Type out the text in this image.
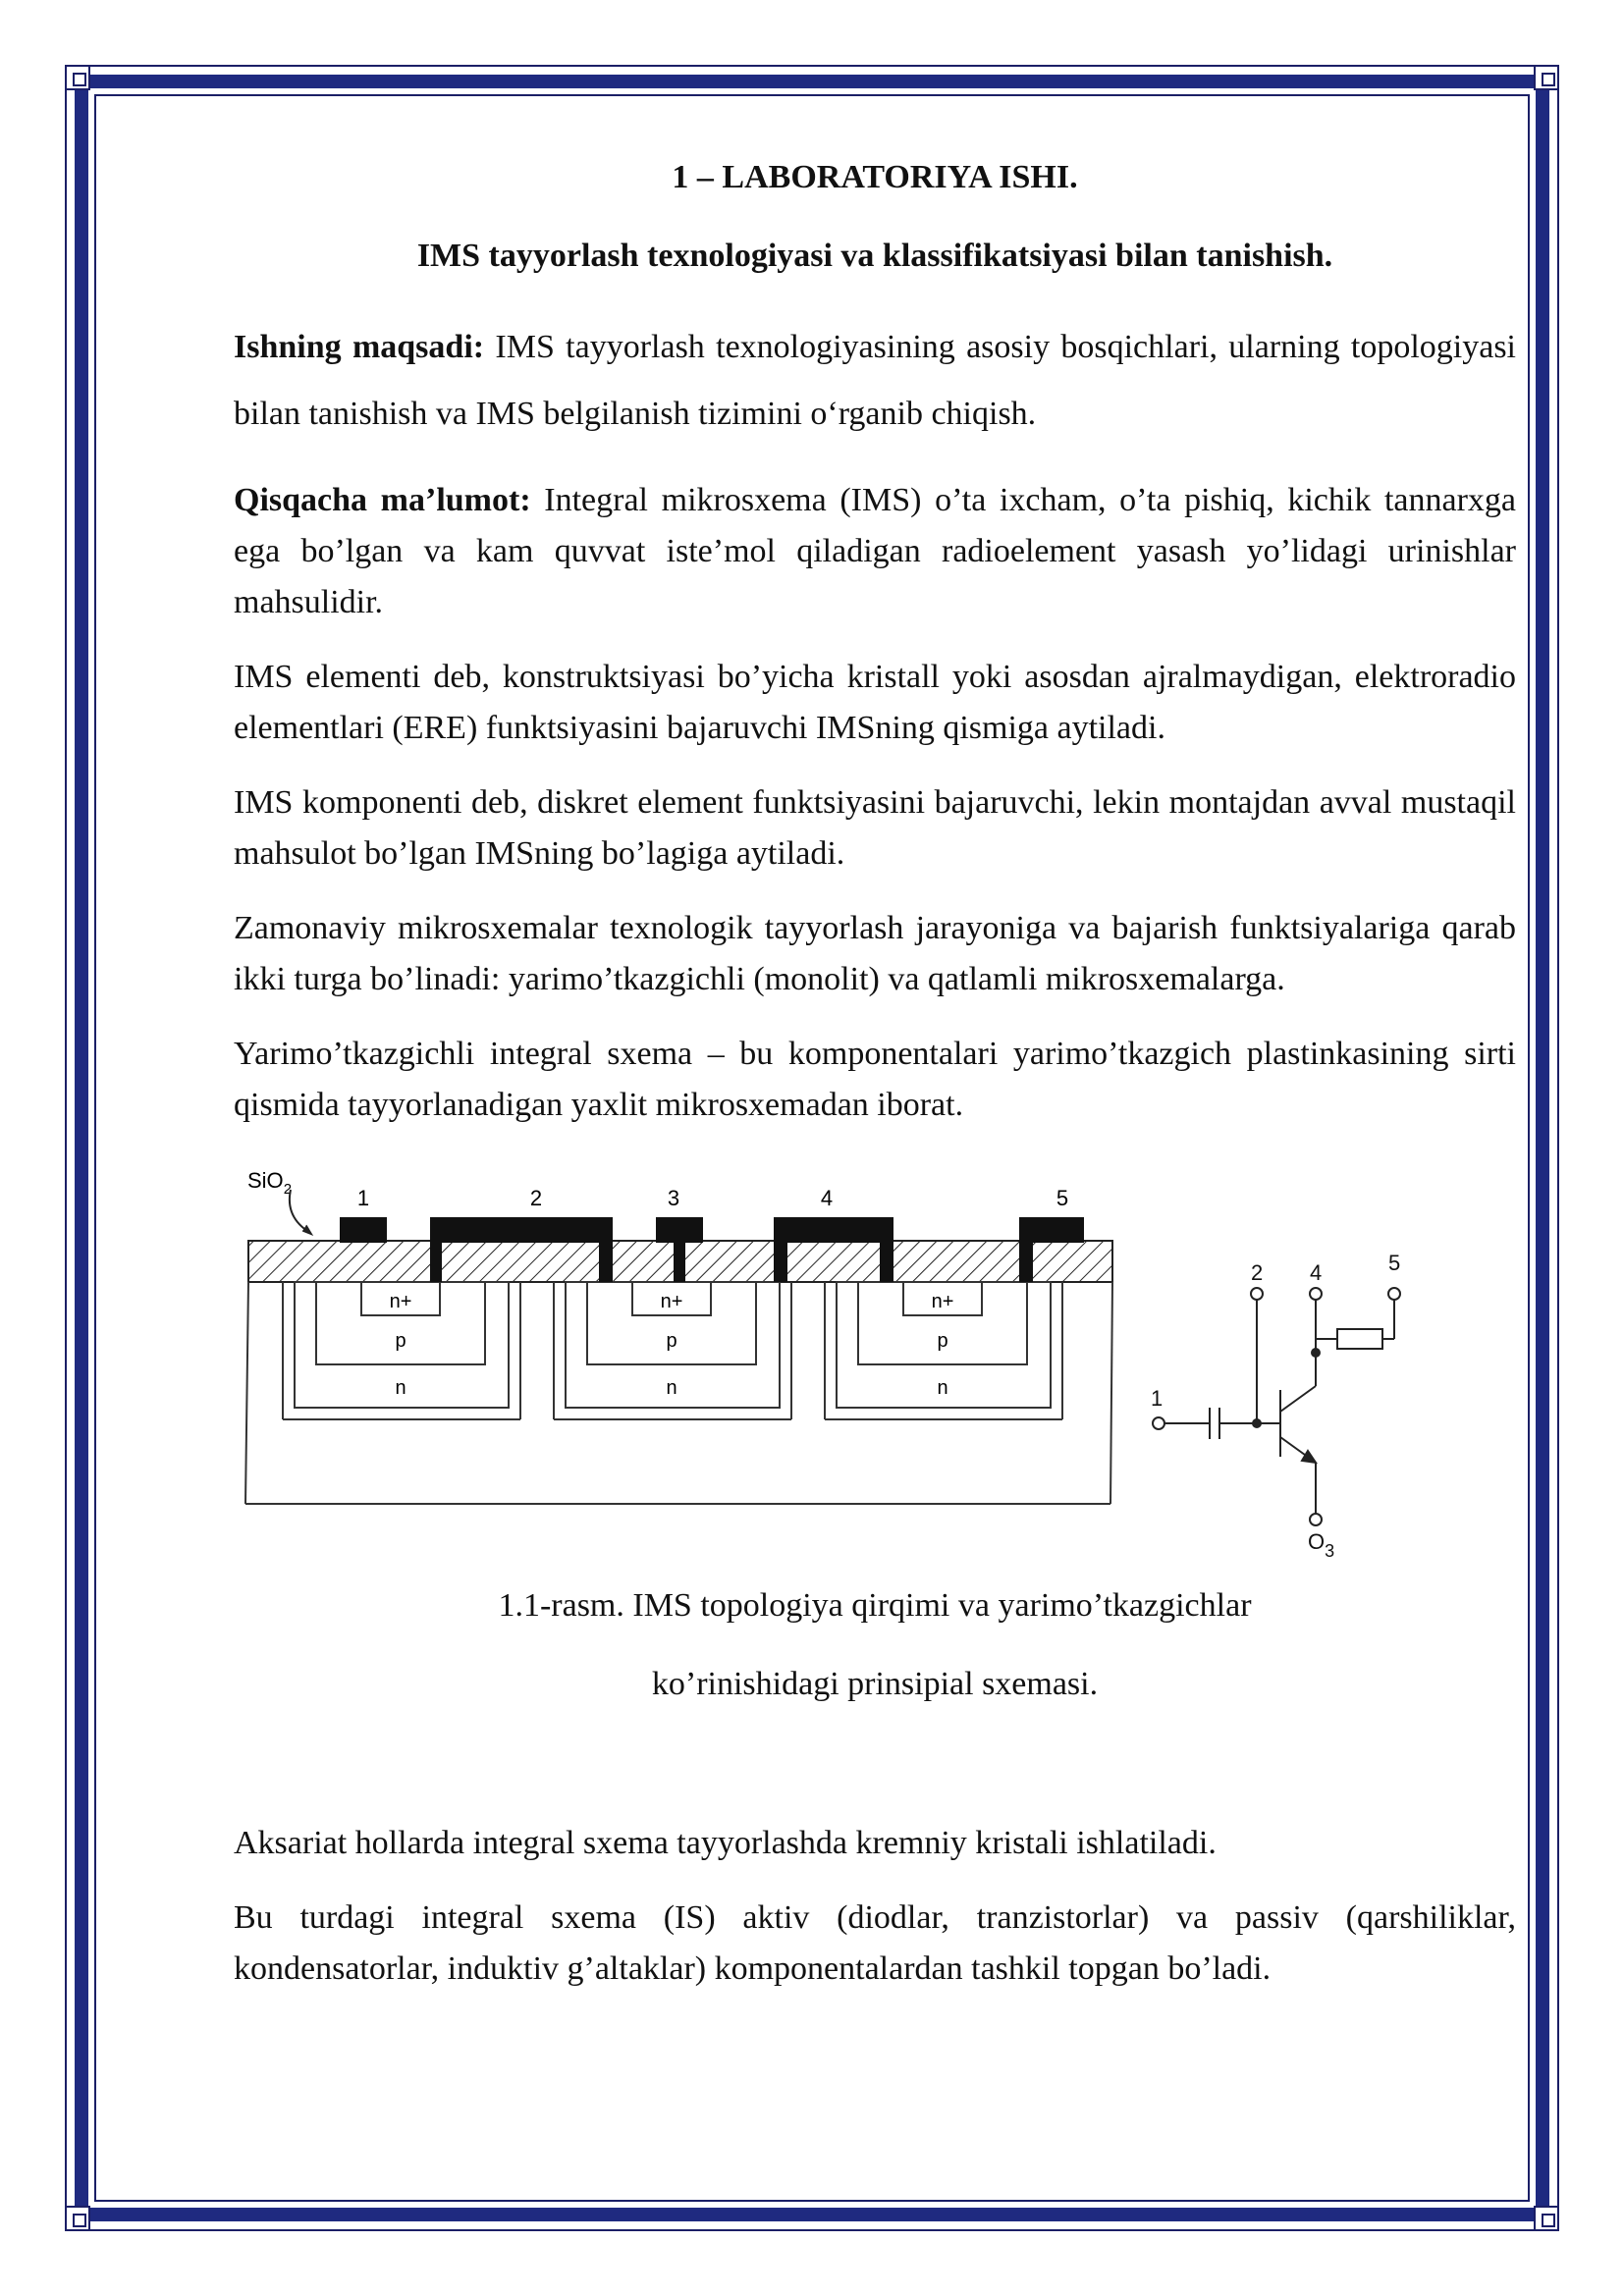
1 – LABORATORIYA ISHI.
IMS tayyorlash texnologiyasi va klassifikatsiyasi bilan tanishish.

Ishning maqsadi: IMS tayyorlash texnologiyasining asosiy bosqichlari, ularning topologiyasi bilan tanishish va IMS belgilanish tizimini o‘rganib chiqish.

Qisqacha ma’lumot: Integral mikrosxema (IMS) o’ta ixcham, o’ta pishiq, kichik tannarxga ega bo’lgan va kam quvvat iste’mol qiladigan radioelement yasash yo’lidagi urinishlar mahsulidir.

IMS elementi deb, konstruktsiyasi bo’yicha kristall yoki asosdan ajralmaydigan, elektroradio elementlari (ERE) funktsiyasini bajaruvchi IMSning qismiga aytiladi.

IMS komponenti deb, diskret element funktsiyasini bajaruvchi, lekin montajdan avval mustaqil mahsulot bo’lgan IMSning bo’lagiga aytiladi.

Zamonaviy mikrosxemalar texnologik tayyorlash jarayoniga va bajarish funktsiyalariga qarab ikki turga bo’linadi: yarimo’tkazgichli (monolit) va qatlamli mikrosxemalarga.

Yarimo’tkazgichli integral sxema – bu komponentalari yarimo’tkazgich plastinkasining sirti qismida tayyorlanadigan yaxlit mikrosxemadan iborat.

n+
p
n
n+
p
n
n+
p
n
1	2	3	4	5
SiO$_2$
1
2 4	5
$O_3$

1.1-rasm. IMS topologiya qirqimi va yarimo’tkazgichlar

ko’rinishidagi prinsipial sxemasi.

Aksariat hollarda integral sxema tayyorlashda kremniy kristali ishlatiladi.

Bu turdagi integral sxema (IS) aktiv (diodlar, tranzistorlar) va passiv (qarshiliklar, kondensatorlar, induktiv g’altaklar) komponentalardan tashkil topgan bo’ladi.
